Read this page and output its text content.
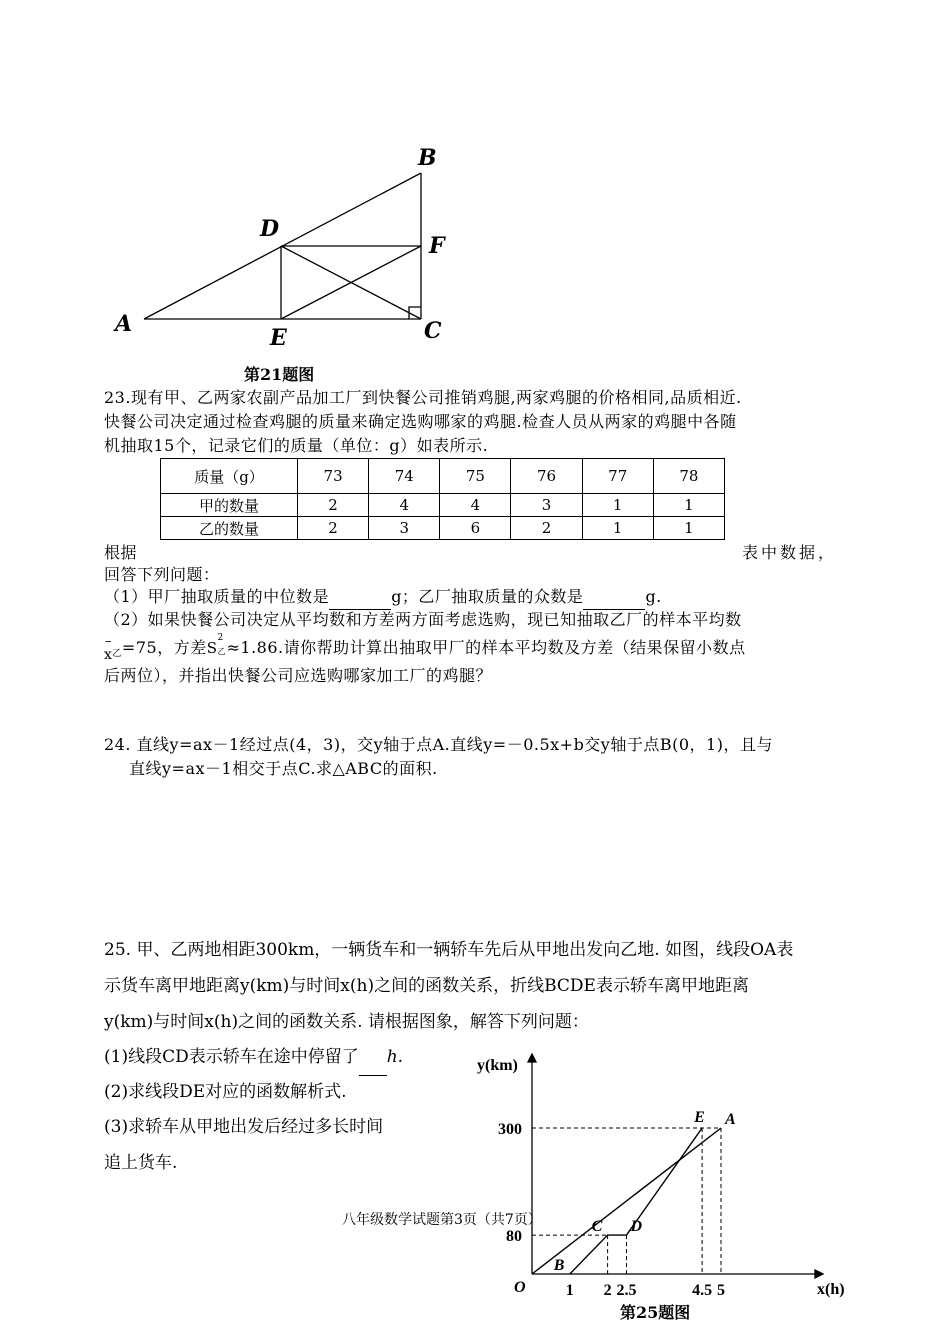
A
B
C
D
E
F
第21题图
23.现有甲、乙两家农副产品加工厂到快餐公司推销鸡腿,两家鸡腿的价格相同,品质相近.
快餐公司决定通过检查鸡腿的质量来确定选购哪家的鸡腿.检查人员从两家的鸡腿中各随
机抽取15个，记录它们的质量（单位：g）如表所示.
质量（g）	73	74	75	76	77	78
甲的数量	2	4	4	3	1	1
乙的数量	2	3	6	2	1	1
根据	表中数据，
回答下列问题：
（1）甲厂抽取质量的中位数是	g；乙厂抽取质量的众数是	g.
（2）如果快餐公司决定从平均数和方差两方面考虑选购，现已知抽取乙厂的样本平均数
–
x乙=75，方差S
2
乙 ≈1.86.请你帮助计算出抽取甲厂的样本平均数及方差（结果保留小数点
后两位），并指出快餐公司应选购哪家加工厂的鸡腿？
24. 直线y=ax－1经过点(4，3)，交y轴于点A.直线y=－0.5x+b交y轴于点B(0，1)，且与
直线y=ax－1相交于点C.求△ABC的面积.
25. 甲、乙两地相距300km，一辆货车和一辆轿车先后从甲地出发向乙地. 如图，线段OA表
示货车离甲地距离y(km)与时间x(h)之间的函数关系，折线BCDE表示轿车离甲地距离
y(km)与时间x(h)之间的函数关系. 请根据图象，解答下列问题：
(1)线段CD表示轿车在途中停留了 h.
(2)求线段DE对应的函数解析式.
(3)求轿车从甲地出发后经过多长时间
追上货车.
八年级数学试题第3页（共7页）
1 2 2.5	4.5 5
80
300
x(h)
y(km)
O
A
B
C D
E
第25题图
